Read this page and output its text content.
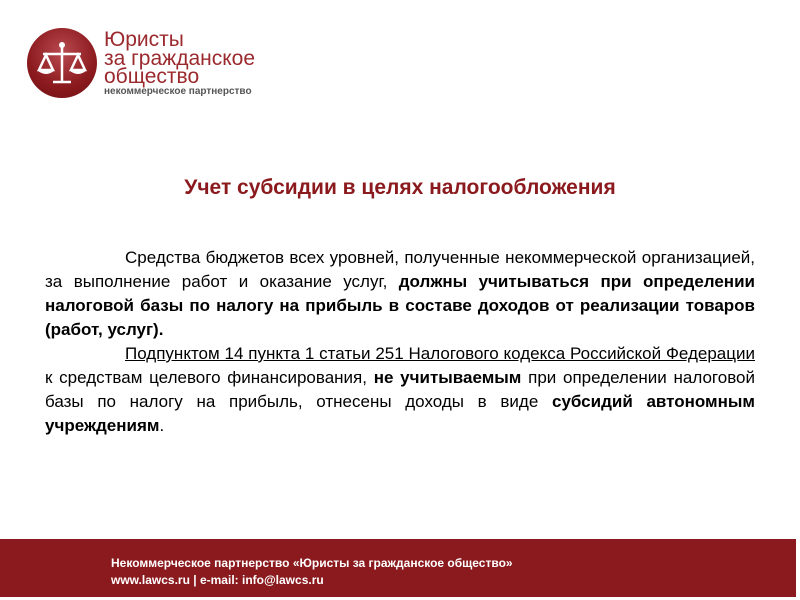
Юристы
за гражданское
общество
некоммерческое партнерство
Учет субсидии в целях налогообложения

Средства бюджетов всех уровней, полученные некоммерческой организацией, за выполнение работ и оказание услуг, должны учитываться при определении налоговой базы по налогу на прибыль в составе доходов от реализации товаров (работ, услуг).

Подпунктом 14 пункта 1 статьи 251 Налогового кодекса Российской Федерации к средствам целевого финансирования, не учитываемым при определении налоговой базы по налогу на прибыль, отнесены доходы в виде субсидий автономным учреждениям.

Некоммерческое партнерство «Юристы за гражданское общество»
www.lawcs.ru | e-mail: info@lawcs.ru
